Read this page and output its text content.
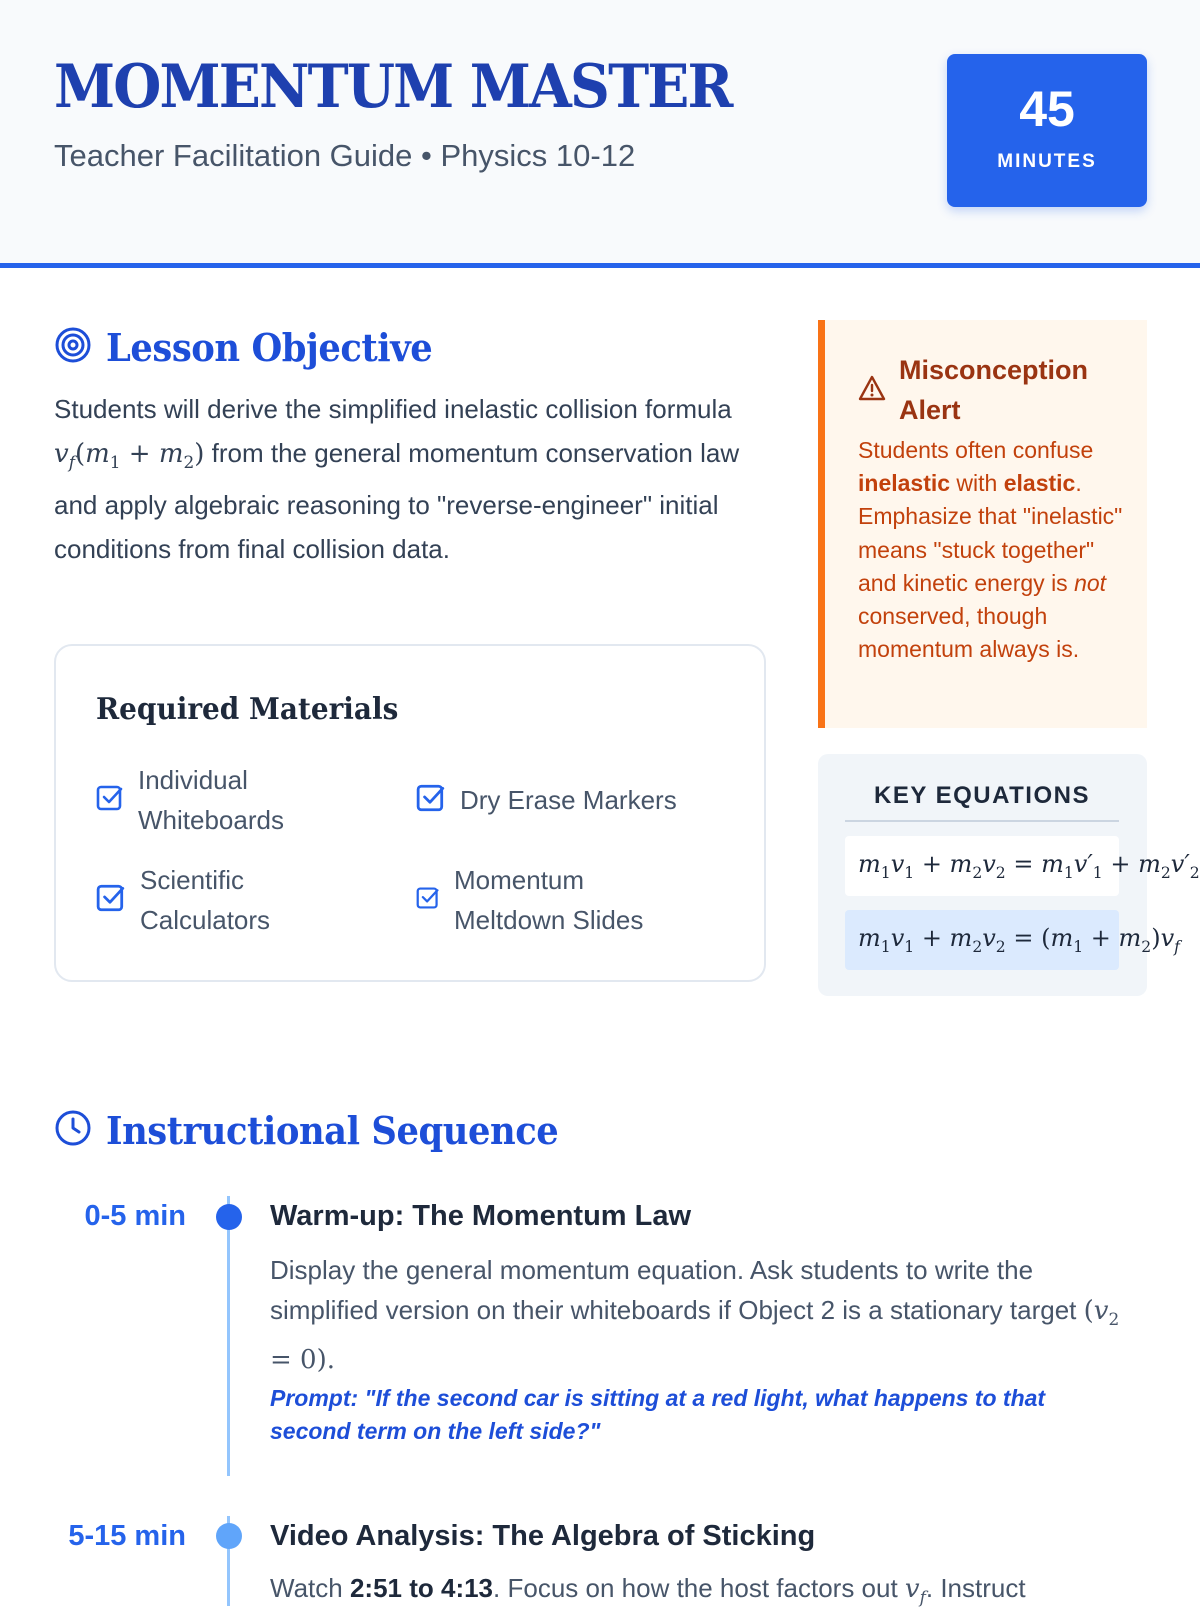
MOMENTUM MASTER
Teacher Facilitation Guide • Physics 10-12
45
MINUTES
Lesson Objective
Students will derive the simplified inelastic collision formula $v_f(m_1 + m_2)$ from the general momentum conservation law and apply algebraic reasoning to "reverse-engineer" initial conditions from final collision data.
Required Materials
Individual Whiteboards
Dry Erase Markers
Scientific Calculators
Momentum Meltdown Slides
Misconception Alert
Students often confuse inelastic with elastic. Emphasize that "inelastic" means "stuck together" and kinetic energy is not conserved, though momentum always is.
KEY EQUATIONS
$m_1v_1 + m_2v_2 = m_1v'_1 + m_2v'_2$
$m_1v_1 + m_2v_2 = (m_1 + m_2)v_f$
Instructional Sequence
0-5 min	Warm-up: The Momentum Law
Display the general momentum equation. Ask students to write the simplified version on their whiteboards if Object 2 is a stationary target $(v_2 = 0)$.
Prompt: "If the second car is sitting at a red light, what happens to that second term on the left side?"
5-15 min	Video Analysis: The Algebra of Sticking
Watch 2:51 to 4:13. Focus on how the host factors out $v_f$. Instruct
